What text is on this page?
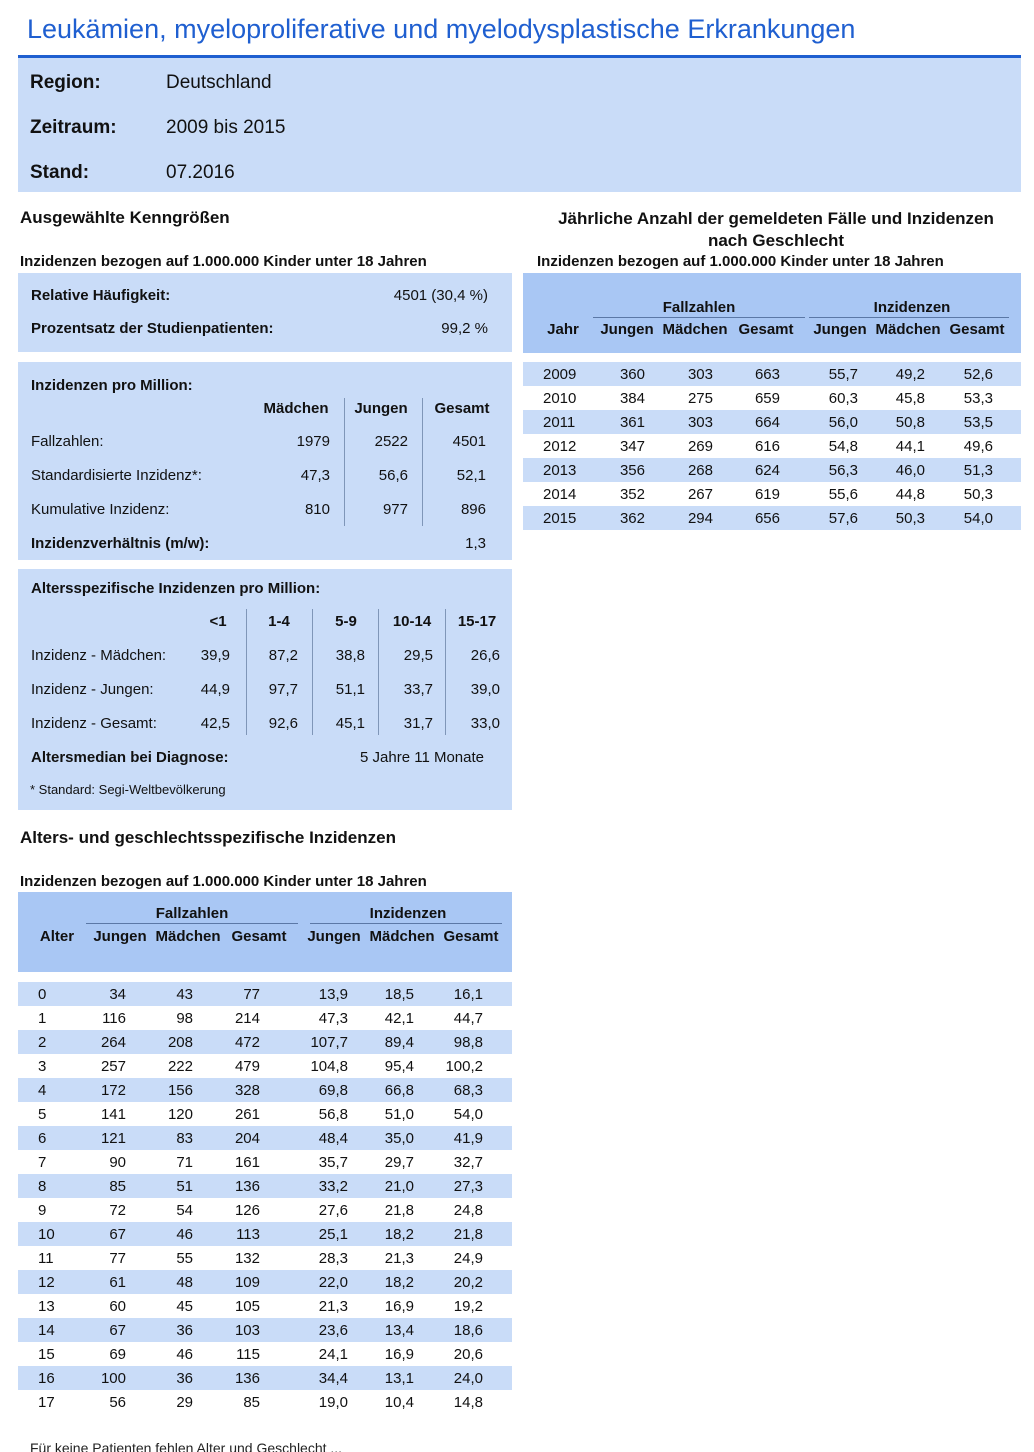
Leukämien, myeloproliferative und myelodysplastische Erkrankungen
Region:	Deutschland
Zeitraum:	2009 bis 2015
Stand:	07.2016
Ausgewählte Kenngrößen
Inzidenzen bezogen auf 1.000.000 Kinder unter 18 Jahren
Relative Häufigkeit:	4501 (30,4 %)
Prozentsatz der Studienpatienten:	99,2 %
Inzidenzen pro Million:
Mädchen	Jungen	Gesamt
Fallzahlen:	1979	2522	4501
Standardisierte Inzidenz*:	47,3	56,6	52,1
Kumulative Inzidenz:	810	977	896
Inzidenzverhältnis (m/w):	1,3
Altersspezifische Inzidenzen pro Million:
<1	1-4	5-9	10-14	15-17
Inzidenz - Mädchen: 39,9	87,2	38,8	29,5	26,6
Inzidenz - Jungen:	44,9	97,7	51,1	33,7	39,0
Inzidenz - Gesamt:	42,5	92,6	45,1	31,7	33,0
Altersmedian bei Diagnose:	5 Jahre 11 Monate
* Standard: Segi-Weltbevölkerung
Jährliche Anzahl der gemeldeten Fälle und Inzidenzen nach Geschlecht
Inzidenzen bezogen auf 1.000.000 Kinder unter 18 Jahren
Fallzahlen	Inzidenzen
Jahr	Jungen Mädchen Gesamt	Jungen Mädchen Gesamt
2009	360	303	663	55,7	49,2	52,6	
2010	384	275	659	60,3	45,8	53,3	
2011	361	303	664	56,0	50,8	53,5	
2012	347	269	616	54,8	44,1	49,6	
2013	356	268	624	56,3	46,0	51,3	
2014	352	267	619	55,6	44,8	50,3	
2015	362	294	656	57,6	50,3	54,0	
Alters- und geschlechtsspezifische Inzidenzen
Inzidenzen bezogen auf 1.000.000 Kinder unter 18 Jahren
Fallzahlen	Inzidenzen
Alter	Jungen Mädchen Gesamt	Jungen Mädchen Gesamt
0	34	43	77	13,9	18,5	16,1	
1	116	98	214	47,3	42,1	44,7	
2	264	208	472	107,7	89,4	98,8	
3	257	222	479	104,8	95,4	100,2	
4	172	156	328	69,8	66,8	68,3	
5	141	120	261	56,8	51,0	54,0	
6	121	83	204	48,4	35,0	41,9	
7	90	71	161	35,7	29,7	32,7	
8	85	51	136	33,2	21,0	27,3	
9	72	54	126	27,6	21,8	24,8	
10	67	46	113	25,1	18,2	21,8	
11	77	55	132	28,3	21,3	24,9	
12	61	48	109	22,0	18,2	20,2	
13	60	45	105	21,3	16,9	19,2	
14	67	36	103	23,6	13,4	18,6	
15	69	46	115	24,1	16,9	20,6	
16	100	36	136	34,4	13,1	24,0	
17	56	29	85	19,0	10,4	14,8	
Für keine Patienten fehlen Alter und Geschlecht ...
